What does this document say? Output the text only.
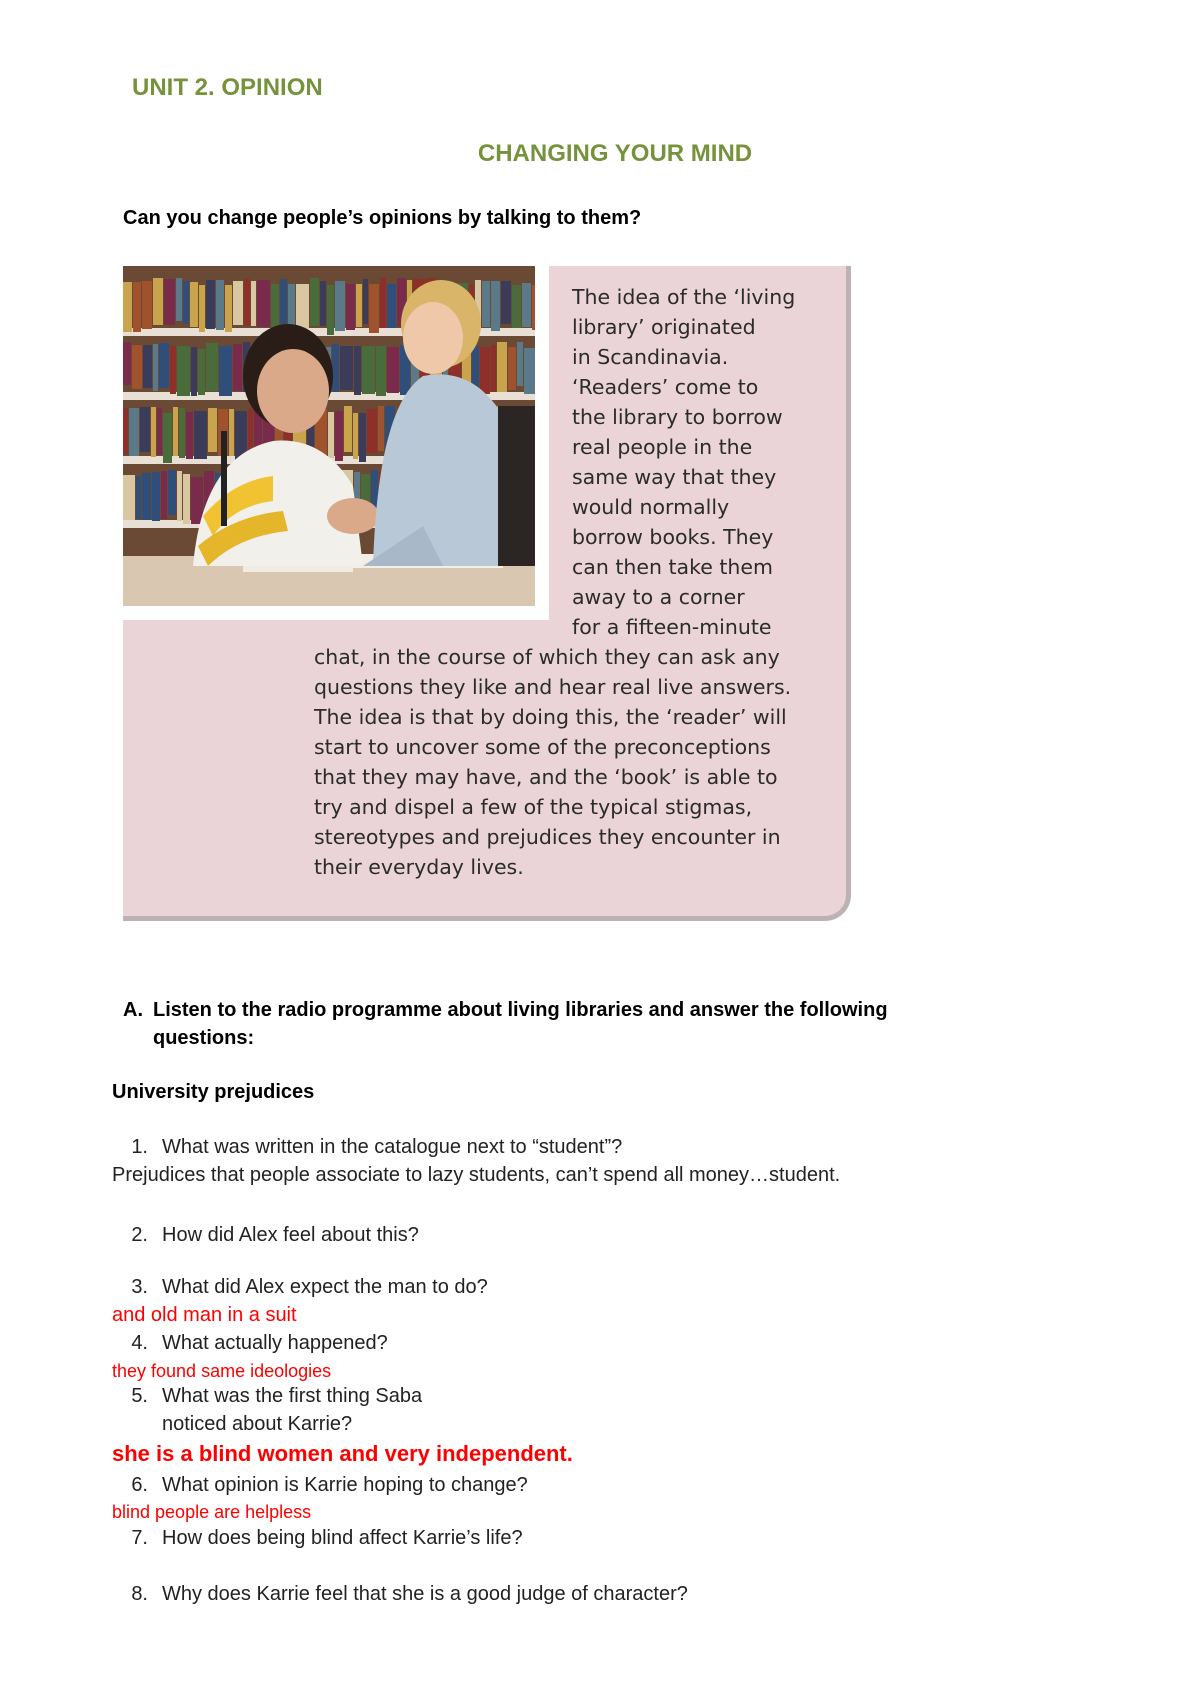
UNIT 2. OPINION
CHANGING YOUR MIND
Can you change people’s opinions by talking to them?
The idea of the ‘living
library’ originated
in Scandinavia.
‘Readers’ come to
the library to borrow
real people in the
same way that they
would normally
borrow books. They
can then take them
away to a corner
for a fifteen-minute
chat, in the course of which they can ask any
questions they like and hear real live answers.
The idea is that by doing this, the ‘reader’ will
start to uncover some of the preconceptions
that they may have, and the ‘book’ is able to
try and dispel a few of the typical stigmas,
stereotypes and prejudices they encounter in
their everyday lives.
A. Listen to the radio programme about living libraries and answer the following
questions:
University prejudices
1. What was written in the catalogue next to “student”?
Prejudices that people associate to lazy students, can’t spend all money…student.
2. How did Alex feel about this?
3. What did Alex expect the man to do?
and old man in a suit
4. What actually happened?
they found same ideologies
5. What was the first thing Saba
noticed about Karrie?
she is a blind women and very independent.
6. What opinion is Karrie hoping to change?
blind people are helpless
7. How does being blind affect Karrie’s life?
8. Why does Karrie feel that she is a good judge of character?
